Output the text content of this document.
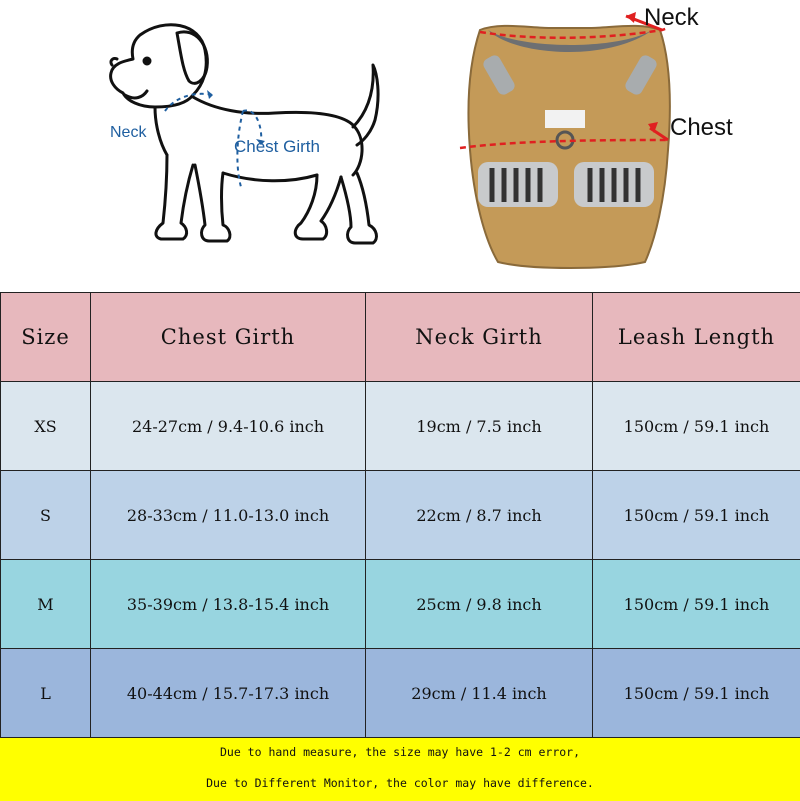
Neck
Chest Girth
Neck
Chest
Size	Chest Girth	Neck Girth	Leash Length
XS	24-27cm / 9.4-10.6 inch	19cm / 7.5 inch	150cm / 59.1 inch
S	28-33cm / 11.0-13.0 inch	22cm / 8.7 inch	150cm / 59.1 inch
M	35-39cm / 13.8-15.4 inch	25cm / 9.8 inch	150cm / 59.1 inch
L	40-44cm / 15.7-17.3 inch	29cm / 11.4 inch	150cm / 59.1 inch
Due to hand measure, the size may have 1-2 cm error,
Due to Different Monitor, the color may have difference.
